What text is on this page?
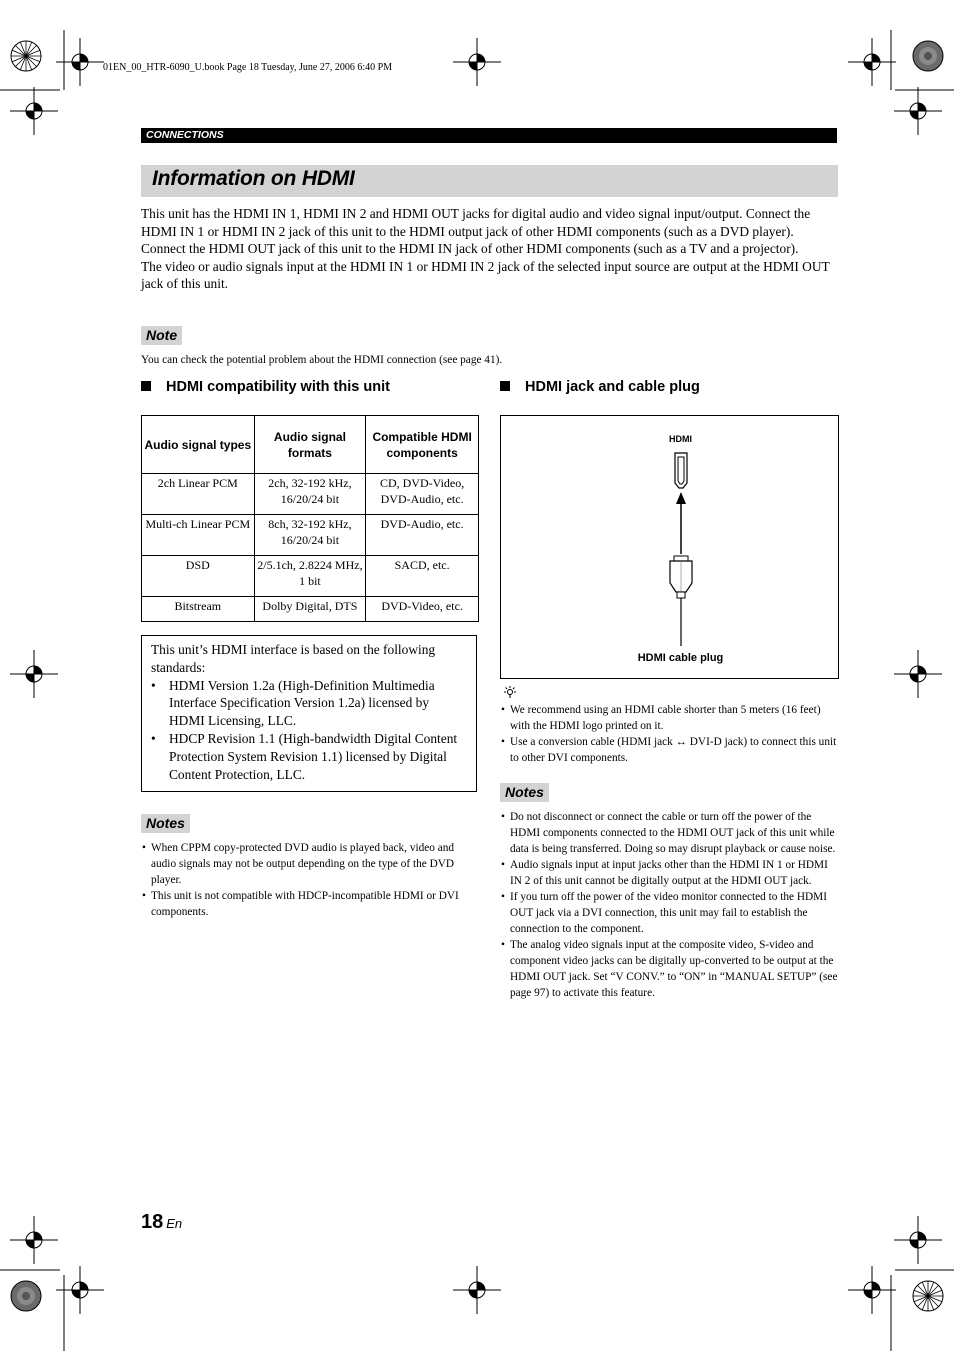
01EN_00_HTR-6090_U.book Page 18 Tuesday, June 27, 2006 6:40 PM
CONNECTIONS
Information on HDMI

This unit has the HDMI IN 1, HDMI IN 2 and HDMI OUT jacks for digital audio and video signal input/output. Connect the HDMI IN 1 or HDMI IN 2 jack of this unit to the HDMI output jack of other HDMI components (such as a DVD player). Connect the HDMI OUT jack of this unit to the HDMI IN jack of other HDMI components (such as a TV and a projector).

The video or audio signals input at the HDMI IN 1 or HDMI IN 2 jack of the selected input source are output at the HDMI OUT jack of this unit.

Note
You can check the potential problem about the HDMI connection (see page 41).
HDMI compatibility with this unit
Audio signal types	Audio signal formats	Compatible HDMI components
2ch Linear PCM	2ch, 32-192 kHz, 16/20/24 bit	CD, DVD-Video, DVD-Audio, etc.
Multi-ch Linear PCM	8ch, 32-192 kHz, 16/20/24 bit	DVD-Audio, etc.
DSD	2/5.1ch, 2.8224 MHz, 1 bit	SACD, etc.
Bitstream	Dolby Digital, DTS	DVD-Video, etc.

This unit’s HDMI interface is based on the following standards:

• HDMI Version 1.2a (High-Definition Multimedia Interface Specification Version 1.2a) licensed by HDMI Licensing, LLC.
• HDCP Revision 1.1 (High-bandwidth Digital Content Protection System Revision 1.1) licensed by Digital Content Protection, LLC.
Notes
• When CPPM copy-protected DVD audio is played back, video and audio signals may not be output depending on the type of the DVD player.
• This unit is not compatible with HDCP-incompatible HDMI or DVI components.
HDMI jack and cable plug
HDMI
HDMI cable plug
• We recommend using an HDMI cable shorter than 5 meters (16 feet) with the HDMI logo printed on it.
• Use a conversion cable (HDMI jack ↔ DVI-D jack) to connect this unit to other DVI components.
Notes
• Do not disconnect or connect the cable or turn off the power of the HDMI components connected to the HDMI OUT jack of this unit while data is being transferred. Doing so may disrupt playback or cause noise.
• Audio signals input at input jacks other than the HDMI IN 1 or HDMI IN 2 of this unit cannot be digitally output at the HDMI OUT jack.
• If you turn off the power of the video monitor connected to the HDMI OUT jack via a DVI connection, this unit may fail to establish the connection to the component.
• The analog video signals input at the composite video, S-video and component video jacks can be digitally up-converted to be output at the HDMI OUT jack. Set “V CONV.” to “ON” in “MANUAL SETUP” (see page 97) to activate this feature.
18 En
